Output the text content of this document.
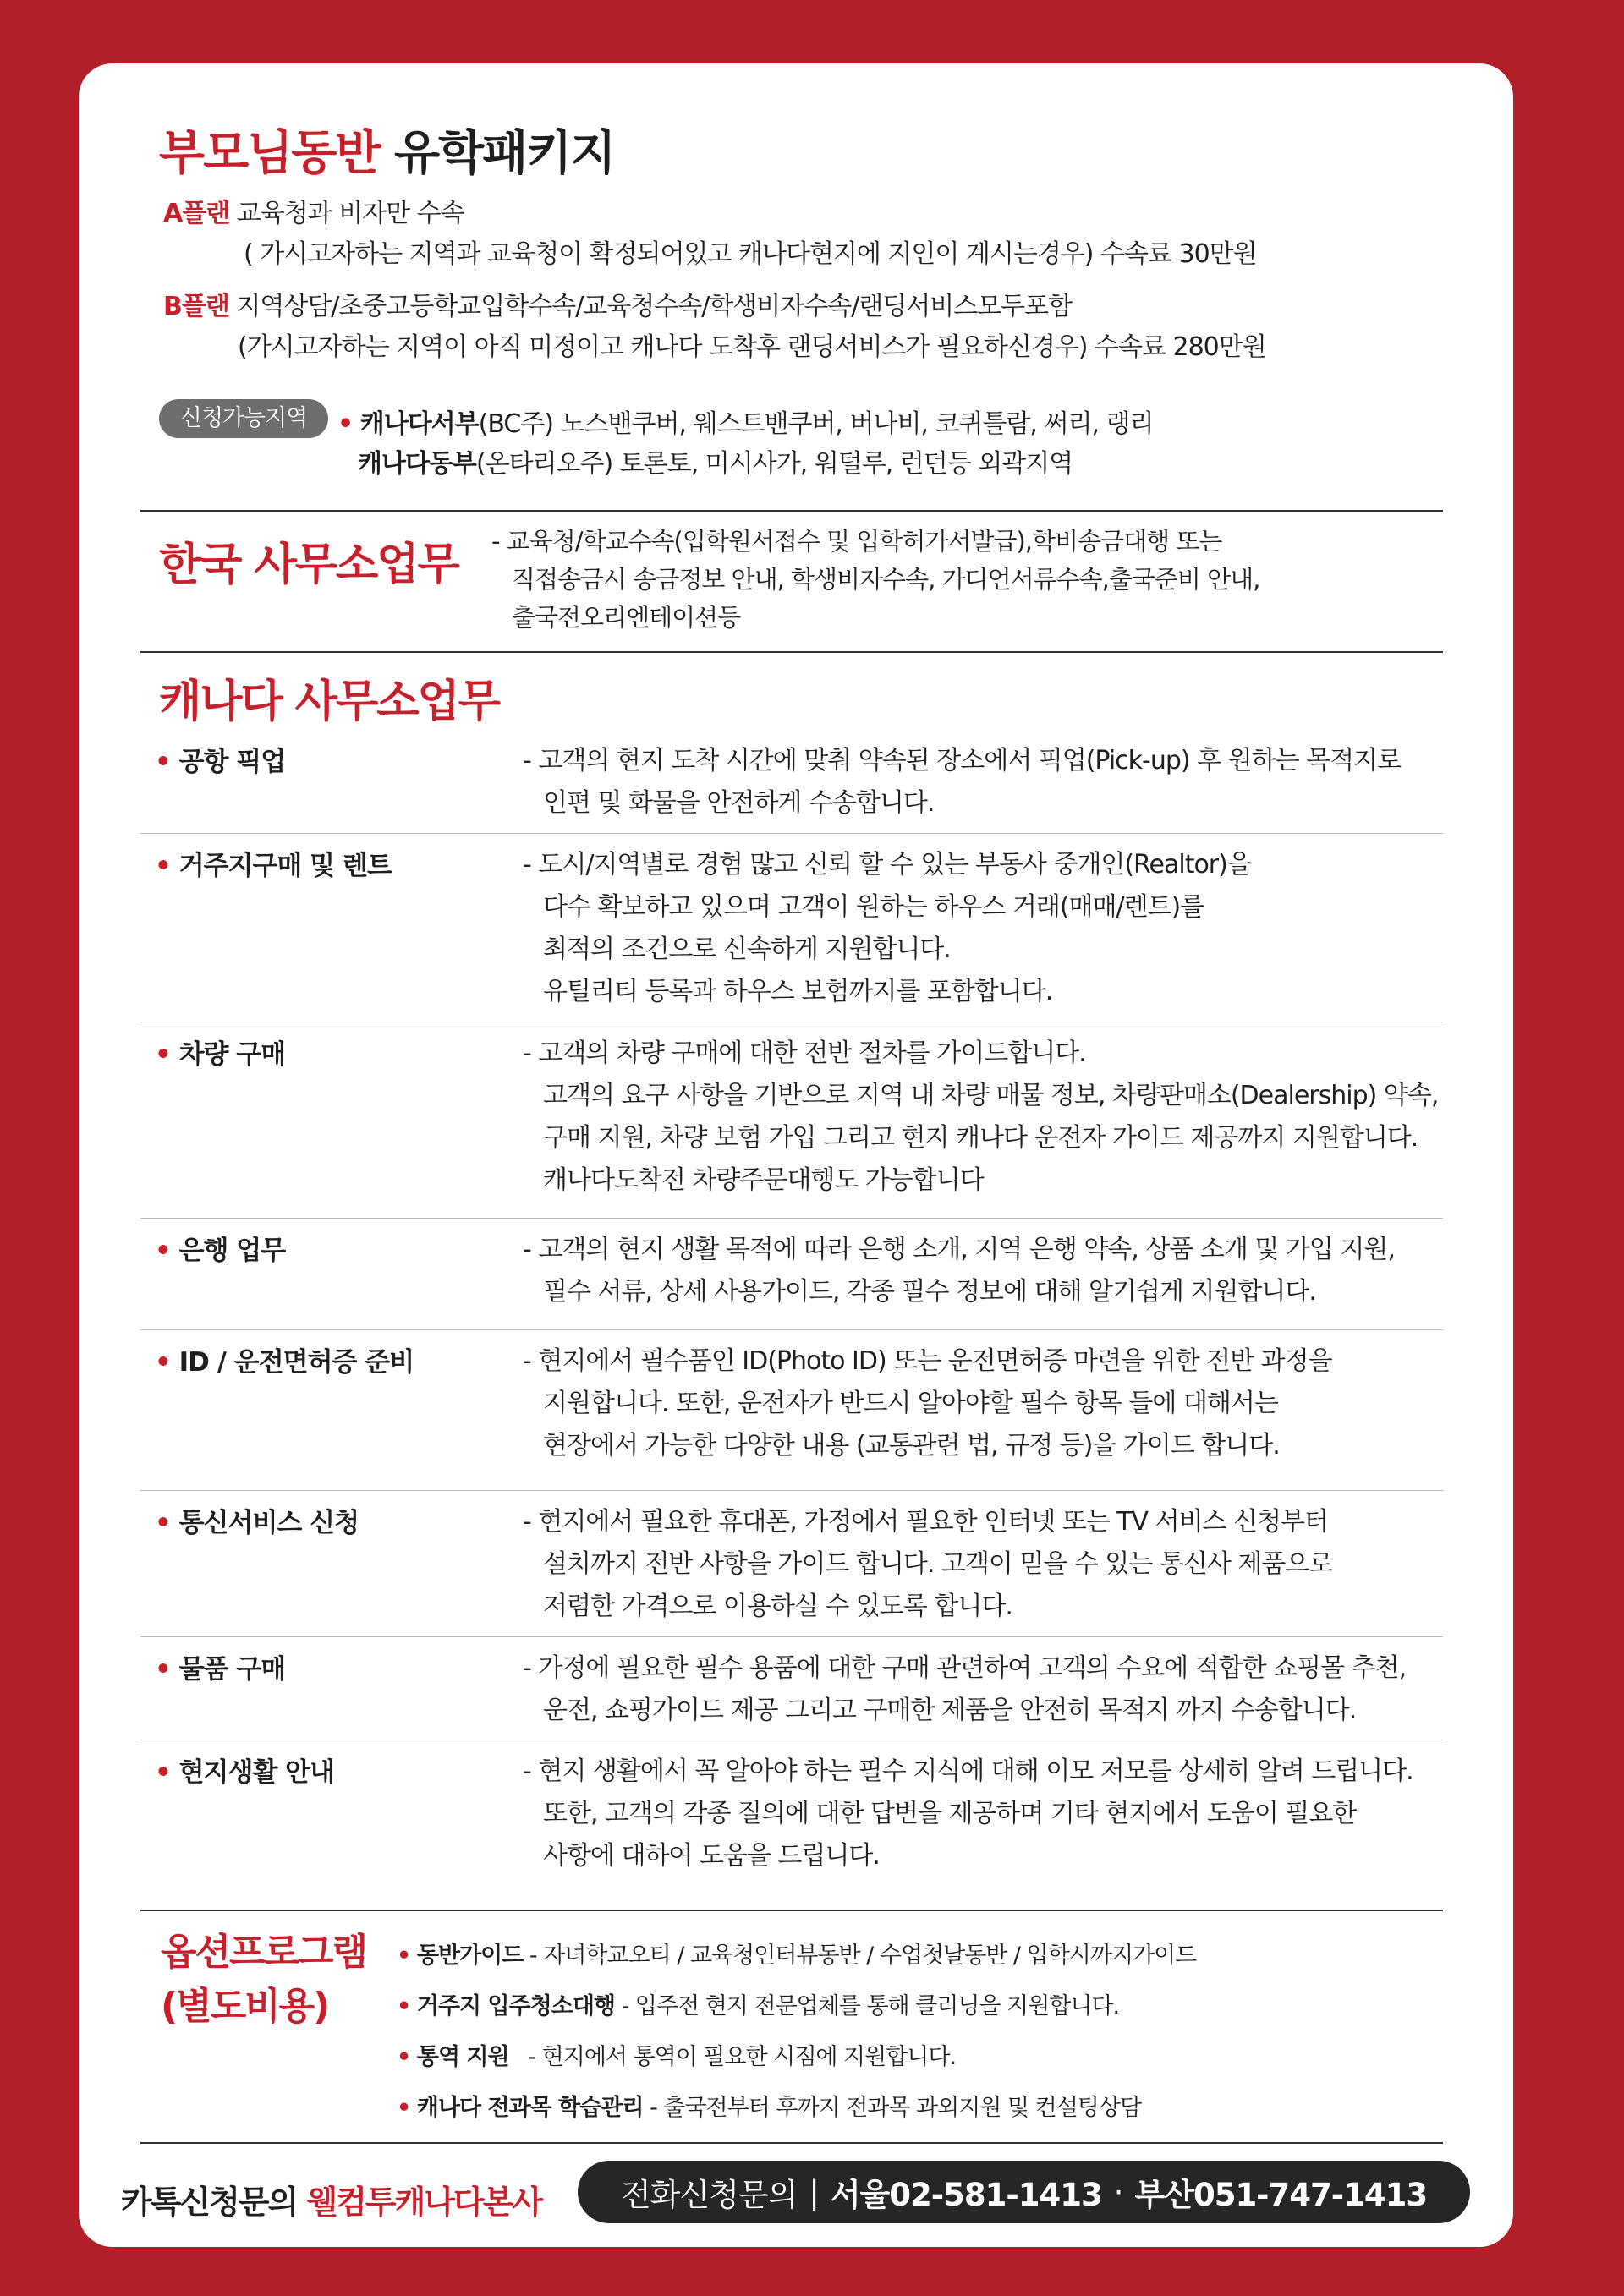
부모님동반 유학패키지
A플랜 교육청과 비자만 수속
( 가시고자하는 지역과 교육청이 확정되어있고 캐나다현지에 지인이 계시는경우) 수속료 30만원
B플랜 지역상담/초중고등학교입학수속/교육청수속/학생비자수속/랜딩서비스모두포함
(가시고자하는 지역이 아직 미정이고 캐나다 도착후 랜딩서비스가 필요하신경우) 수속료 280만원
신청가능지역	• 캐나다서부(BC주) 노스밴쿠버, 웨스트밴쿠버, 버나비, 코퀴틀람, 써리, 랭리
캐나다동부(온타리오주) 토론토, 미시사가, 워털루, 런던등 외곽지역
한국 사무소업무 - 교육청/학교수속(입학원서접수 및 입학허가서발급),학비송금대행 또는
직접송금시 송금정보 안내, 학생비자수속, 가디언서류수속,출국준비 안내,
출국전오리엔테이션등
캐나다 사무소업무
• 공항 픽업	- 고객의 현지 도착 시간에 맞춰 약속된 장소에서 픽업(Pick-up) 후 원하는 목적지로
인편 및 화물을 안전하게 수송합니다.
• 거주지구매 및 렌트	- 도시/지역별로 경험 많고 신뢰 할 수 있는 부동사 중개인(Realtor)을
다수 확보하고 있으며 고객이 원하는 하우스 거래(매매/렌트)를
최적의 조건으로 신속하게 지원합니다.
유틸리티 등록과 하우스 보험까지를 포함합니다.
• 차량 구매	- 고객의 차량 구매에 대한 전반 절차를 가이드합니다.
고객의 요구 사항을 기반으로 지역 내 차량 매물 정보, 차량판매소(Dealership) 약속,
구매 지원, 차량 보험 가입 그리고 현지 캐나다 운전자 가이드 제공까지 지원합니다.
캐나다도착전 차량주문대행도 가능합니다
• 은행 업무	- 고객의 현지 생활 목적에 따라 은행 소개, 지역 은행 약속, 상품 소개 및 가입 지원,
필수 서류, 상세 사용가이드, 각종 필수 정보에 대해 알기쉽게 지원합니다.
• ID / 운전면허증 준비	- 현지에서 필수품인 ID(Photo ID) 또는 운전면허증 마련을 위한 전반 과정을
지원합니다. 또한, 운전자가 반드시 알아야할 필수 항목 들에 대해서는
현장에서 가능한 다양한 내용 (교통관련 법, 규정 등)을 가이드 합니다.
• 통신서비스 신청	- 현지에서 필요한 휴대폰, 가정에서 필요한 인터넷 또는 TV 서비스 신청부터
설치까지 전반 사항을 가이드 합니다. 고객이 믿을 수 있는 통신사 제품으로
저렴한 가격으로 이용하실 수 있도록 합니다.
• 물품 구매	- 가정에 필요한 필수 용품에 대한 구매 관련하여 고객의 수요에 적합한 쇼핑몰 추천,
운전, 쇼핑가이드 제공 그리고 구매한 제품을 안전히 목적지 까지 수송합니다.
• 현지생활 안내	- 현지 생활에서 꼭 알아야 하는 필수 지식에 대해 이모 저모를 상세히 알려 드립니다.
또한, 고객의 각종 질의에 대한 답변을 제공하며 기타 현지에서 도움이 필요한
사항에 대하여 도움을 드립니다.
옵션프로그램
(별도비용)
• 동반가이드 - 자녀학교오티 / 교육청인터뷰동반 / 수업첫날동반 / 입학시까지가이드
• 거주지 입주청소대행 - 입주전 현지 전문업체를 통해 클리닝을 지원합니다.
• 통역 지원   - 현지에서 통역이 필요한 시점에 지원합니다.
• 캐나다 전과목 학습관리 - 출국전부터 후까지 전과목 과외지원 및 컨설팅상담
카톡신청문의 웰컴투캐나다본사	전화신청문의 | 서울02-581-1413 · 부산051-747-1413
